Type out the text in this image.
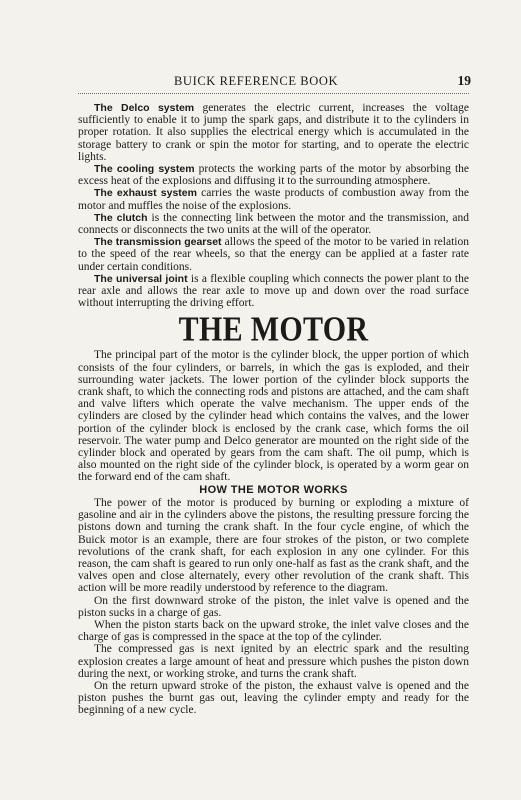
BUICK REFERENCE BOOK	19

The Delco system generates the electric current, increases the voltage sufficiently to enable it to jump the spark gaps, and distribute it to the cylinders in proper rotation. It also supplies the electrical energy which is accumulated in the storage battery to crank or spin the motor for starting, and to operate the electric lights.

The cooling system protects the working parts of the motor by absorbing the excess heat of the explosions and diffusing it to the surrounding atmosphere.

The exhaust system carries the waste products of combustion away from the motor and muffles the noise of the explosions.

The clutch is the connecting link between the motor and the transmission, and connects or disconnects the two units at the will of the operator.

The transmission gearset allows the speed of the motor to be varied in relation to the speed of the rear wheels, so that the energy can be applied at a faster rate under certain conditions.

The universal joint is a flexible coupling which connects the power plant to the rear axle and allows the rear axle to move up and down over the road surface without interrupting the driving effort.

THE MOTOR

The principal part of the motor is the cylinder block, the upper portion of which consists of the four cylinders, or barrels, in which the gas is exploded, and their surrounding water jackets. The lower portion of the cylinder block supports the crank shaft, to which the connecting rods and pistons are attached, and the cam shaft and valve lifters which operate the valve mechanism. The upper ends of the cylinders are closed by the cylinder head which contains the valves, and the lower portion of the cylinder block is enclosed by the crank case, which forms the oil reservoir. The water pump and Delco generator are mounted on the right side of the cylinder block and operated by gears from the cam shaft. The oil pump, which is also mounted on the right side of the cylinder block, is operated by a worm gear on the forward end of the cam shaft.

HOW THE MOTOR WORKS

The power of the motor is produced by burning or exploding a mixture of gasoline and air in the cylinders above the pistons, the resulting pressure forcing the pistons down and turning the crank shaft. In the four cycle engine, of which the Buick motor is an example, there are four strokes of the piston, or two complete revolutions of the crank shaft, for each explosion in any one cylinder. For this reason, the cam shaft is geared to run only one-half as fast as the crank shaft, and the valves open and close alternately, every other revolution of the crank shaft. This action will be more readily understood by reference to the diagram.

On the first downward stroke of the piston, the inlet valve is opened and the piston sucks in a charge of gas.

When the piston starts back on the upward stroke, the inlet valve closes and the charge of gas is compressed in the space at the top of the cylinder.

The compressed gas is next ignited by an electric spark and the resulting explosion creates a large amount of heat and pressure which pushes the piston down during the next, or working stroke, and turns the crank shaft.

On the return upward stroke of the piston, the exhaust valve is opened and the piston pushes the burnt gas out, leaving the cylinder empty and ready for the beginning of a new cycle.
